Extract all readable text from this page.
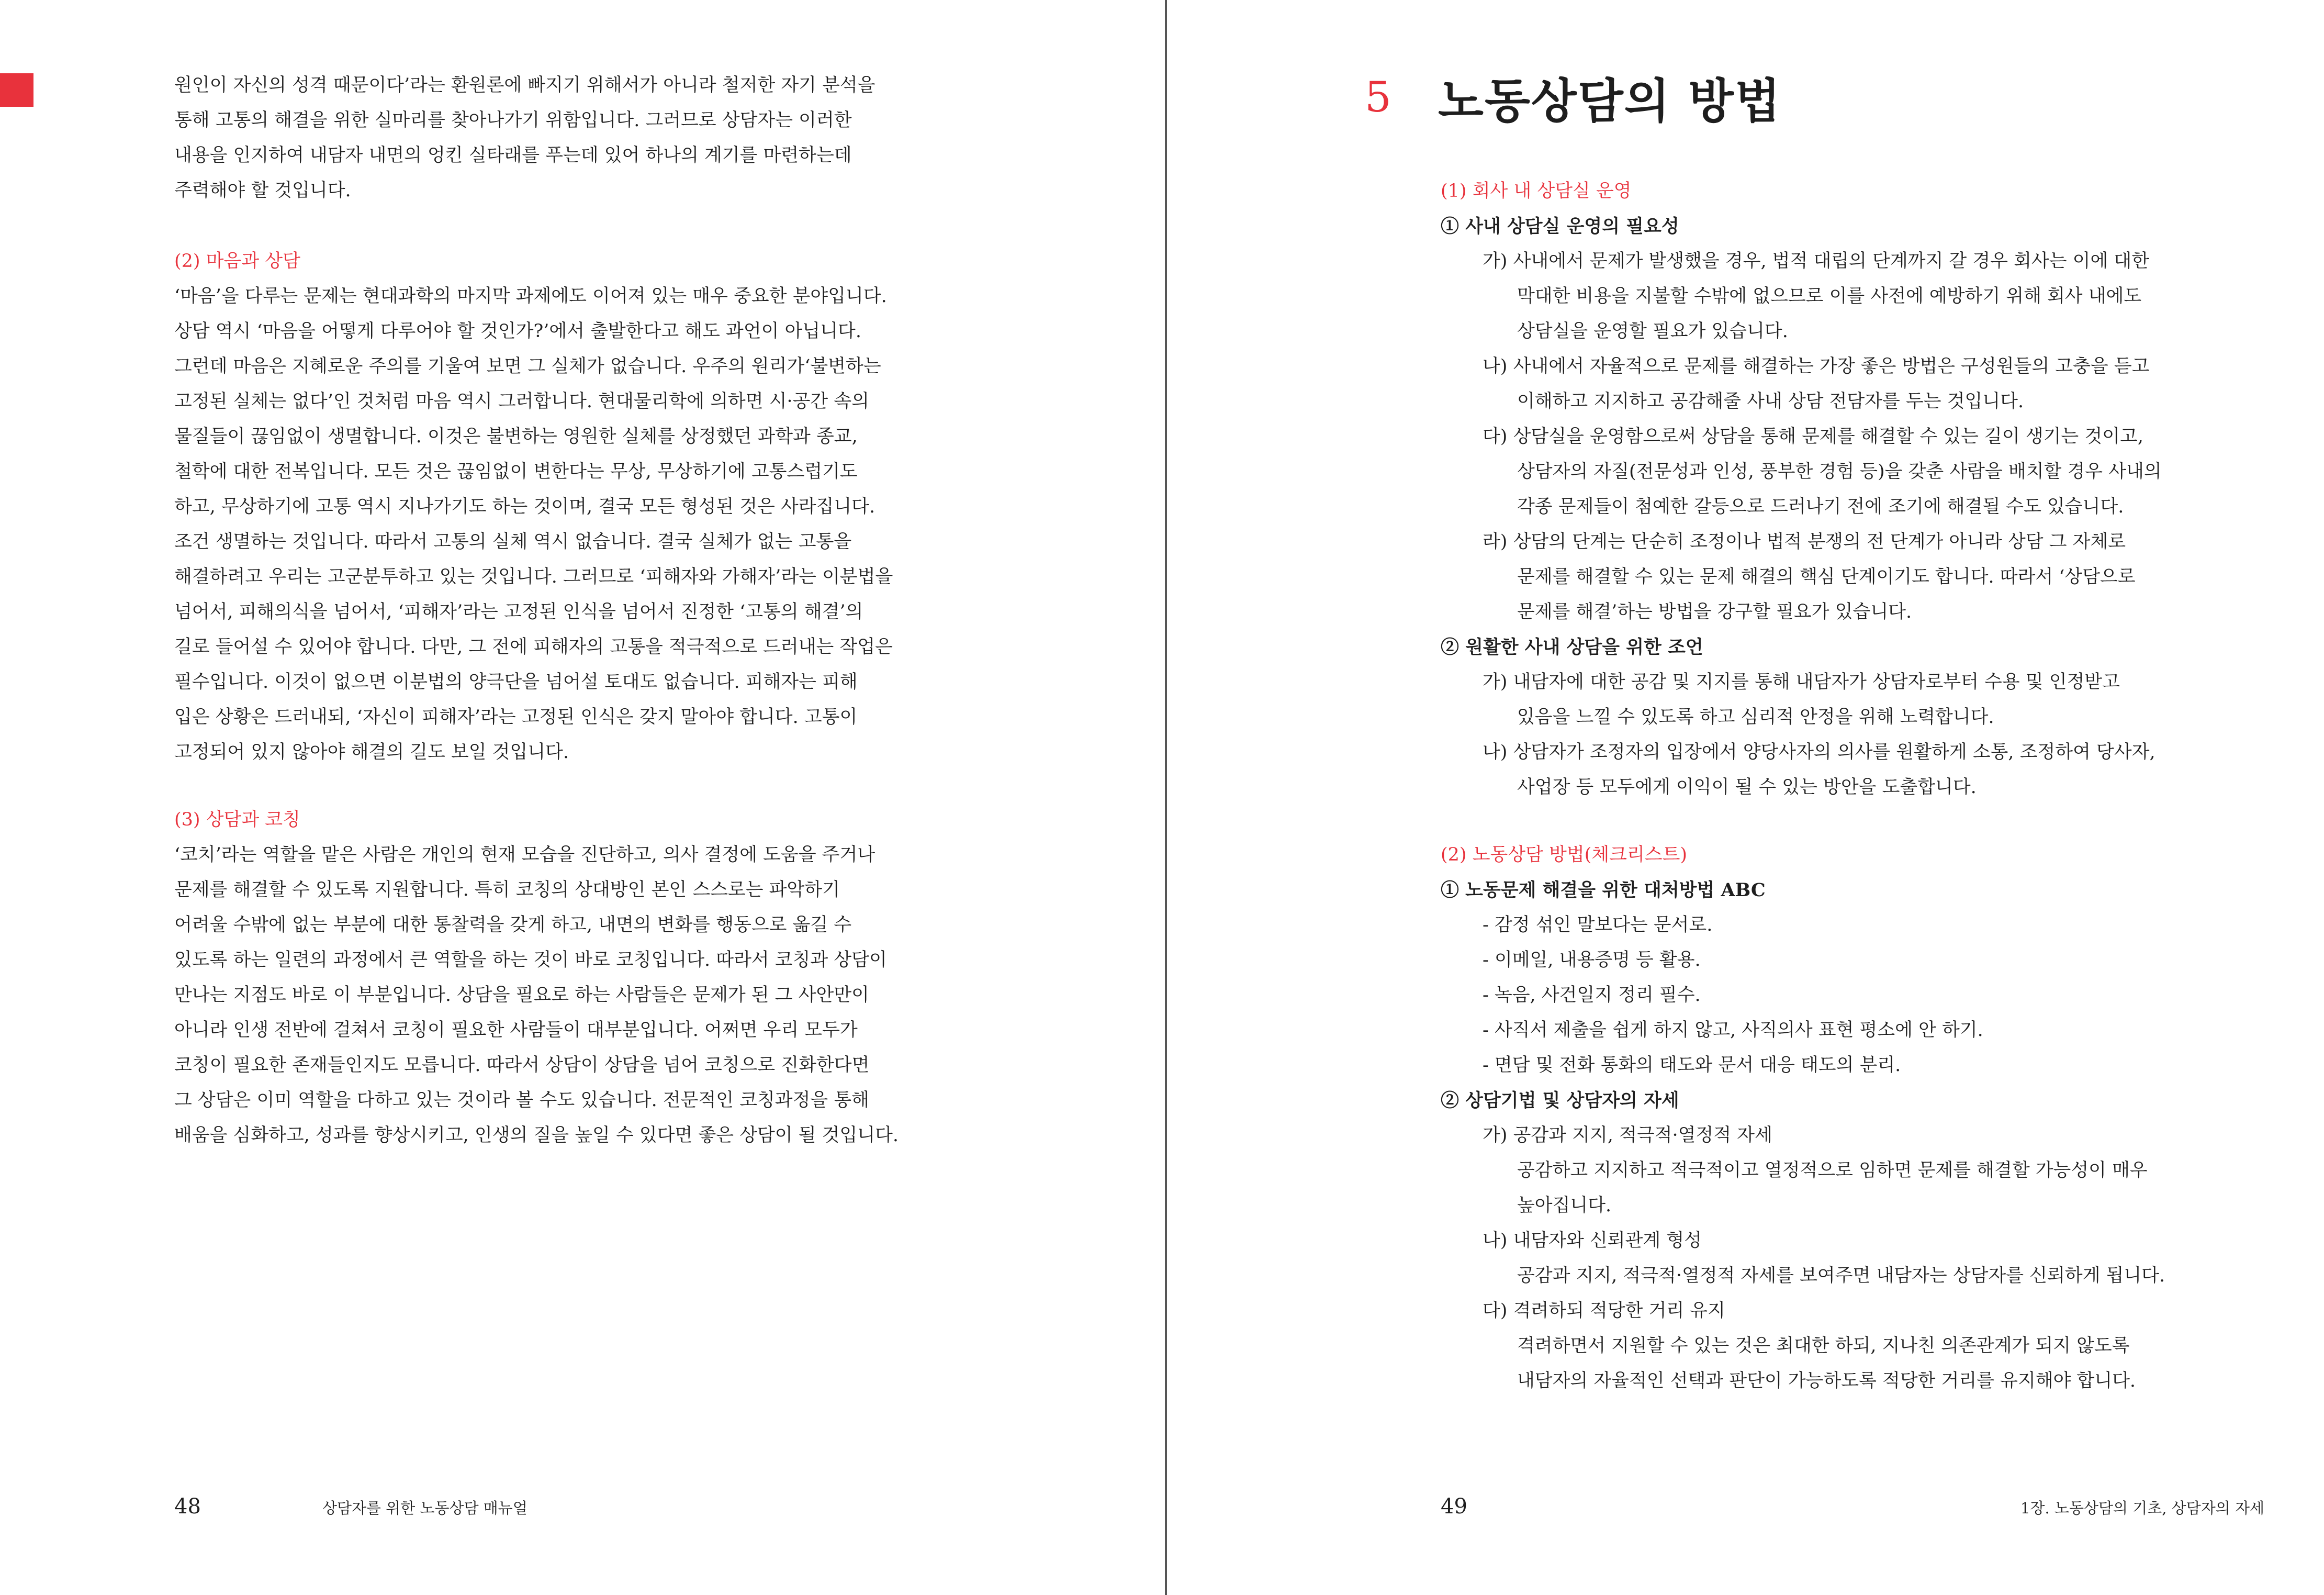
원인이 자신의 성격 때문이다’라는 환원론에 빠지기 위해서가 아니라 철저한 자기 분석을

통해 고통의 해결을 위한 실마리를 찾아나가기 위함입니다. 그러므로 상담자는 이러한

내용을 인지하여 내담자 내면의 엉킨 실타래를 푸는데 있어 하나의 계기를 마련하는데

주력해야 할 것입니다.

(2) 마음과 상담

‘마음’을 다루는 문제는 현대과학의 마지막 과제에도 이어져 있는 매우 중요한 분야입니다.

상담 역시 ‘마음을 어떻게 다루어야 할 것인가?’에서 출발한다고 해도 과언이 아닙니다.

그런데 마음은 지혜로운 주의를 기울여 보면 그 실체가 없습니다. 우주의 원리가‘불변하는

고정된 실체는 없다’인 것처럼 마음 역시 그러합니다. 현대물리학에 의하면 시·공간 속의

물질들이 끊임없이 생멸합니다. 이것은 불변하는 영원한 실체를 상정했던 과학과 종교,

철학에 대한 전복입니다. 모든 것은 끊임없이 변한다는 무상, 무상하기에 고통스럽기도

하고, 무상하기에 고통 역시 지나가기도 하는 것이며, 결국 모든 형성된 것은 사라집니다.

조건 생멸하는 것입니다. 따라서 고통의 실체 역시 없습니다. 결국 실체가 없는 고통을

해결하려고 우리는 고군분투하고 있는 것입니다. 그러므로 ‘피해자와 가해자’라는 이분법을

넘어서, 피해의식을 넘어서, ‘피해자’라는 고정된 인식을 넘어서 진정한 ‘고통의 해결’의

길로 들어설 수 있어야 합니다. 다만, 그 전에 피해자의 고통을 적극적으로 드러내는 작업은

필수입니다. 이것이 없으면 이분법의 양극단을 넘어설 토대도 없습니다. 피해자는 피해

입은 상황은 드러내되, ‘자신이 피해자’라는 고정된 인식은 갖지 말아야 합니다. 고통이

고정되어 있지 않아야 해결의 길도 보일 것입니다.

(3) 상담과 코칭

‘코치’라는 역할을 맡은 사람은 개인의 현재 모습을 진단하고, 의사 결정에 도움을 주거나

문제를 해결할 수 있도록 지원합니다. 특히 코칭의 상대방인 본인 스스로는 파악하기

어려울 수밖에 없는 부분에 대한 통찰력을 갖게 하고, 내면의 변화를 행동으로 옮길 수

있도록 하는 일련의 과정에서 큰 역할을 하는 것이 바로 코칭입니다. 따라서 코칭과 상담이

만나는 지점도 바로 이 부분입니다. 상담을 필요로 하는 사람들은 문제가 된 그 사안만이

아니라 인생 전반에 걸쳐서 코칭이 필요한 사람들이 대부분입니다. 어쩌면 우리 모두가

코칭이 필요한 존재들인지도 모릅니다. 따라서 상담이 상담을 넘어 코칭으로 진화한다면

그 상담은 이미 역할을 다하고 있는 것이라 볼 수도 있습니다. 전문적인 코칭과정을 통해

배움을 심화하고, 성과를 향상시키고, 인생의 질을 높일 수 있다면 좋은 상담이 될 것입니다.

48	상담자를 위한 노동상담 매뉴얼
5 노동상담의 방법

(1) 회사 내 상담실 운영

① 사내 상담실 운영의 필요성

가) 사내에서 문제가 발생했을 경우, 법적 대립의 단계까지 갈 경우 회사는 이에 대한

막대한 비용을 지불할 수밖에 없으므로 이를 사전에 예방하기 위해 회사 내에도

상담실을 운영할 필요가 있습니다.

나) 사내에서 자율적으로 문제를 해결하는 가장 좋은 방법은 구성원들의 고충을 듣고

이해하고 지지하고 공감해줄 사내 상담 전담자를 두는 것입니다.

다) 상담실을 운영함으로써 상담을 통해 문제를 해결할 수 있는 길이 생기는 것이고,

상담자의 자질(전문성과 인성, 풍부한 경험 등)을 갖춘 사람을 배치할 경우 사내의

각종 문제들이 첨예한 갈등으로 드러나기 전에 조기에 해결될 수도 있습니다.

라) 상담의 단계는 단순히 조정이나 법적 분쟁의 전 단계가 아니라 상담 그 자체로

문제를 해결할 수 있는 문제 해결의 핵심 단계이기도 합니다. 따라서 ‘상담으로

문제를 해결’하는 방법을 강구할 필요가 있습니다.

② 원활한 사내 상담을 위한 조언

가) 내담자에 대한 공감 및 지지를 통해 내담자가 상담자로부터 수용 및 인정받고

있음을 느낄 수 있도록 하고 심리적 안정을 위해 노력합니다.

나) 상담자가 조정자의 입장에서 양당사자의 의사를 원활하게 소통, 조정하여 당사자,

사업장 등 모두에게 이익이 될 수 있는 방안을 도출합니다.

(2) 노동상담 방법(체크리스트)

① 노동문제 해결을 위한 대처방법 ABC

- 감정 섞인 말보다는 문서로.

- 이메일, 내용증명 등 활용.

- 녹음, 사건일지 정리 필수.

- 사직서 제출을 쉽게 하지 않고, 사직의사 표현 평소에 안 하기.

- 면담 및 전화 통화의 태도와 문서 대응 태도의 분리.

② 상담기법 및 상담자의 자세

가) 공감과 지지, 적극적·열정적 자세

공감하고 지지하고 적극적이고 열정적으로 임하면 문제를 해결할 가능성이 매우

높아집니다.

나) 내담자와 신뢰관계 형성

공감과 지지, 적극적·열정적 자세를 보여주면 내담자는 상담자를 신뢰하게 됩니다.

다) 격려하되 적당한 거리 유지

격려하면서 지원할 수 있는 것은 최대한 하되, 지나친 의존관계가 되지 않도록

내담자의 자율적인 선택과 판단이 가능하도록 적당한 거리를 유지해야 합니다.

49	1장. 노동상담의 기초, 상담자의 자세
